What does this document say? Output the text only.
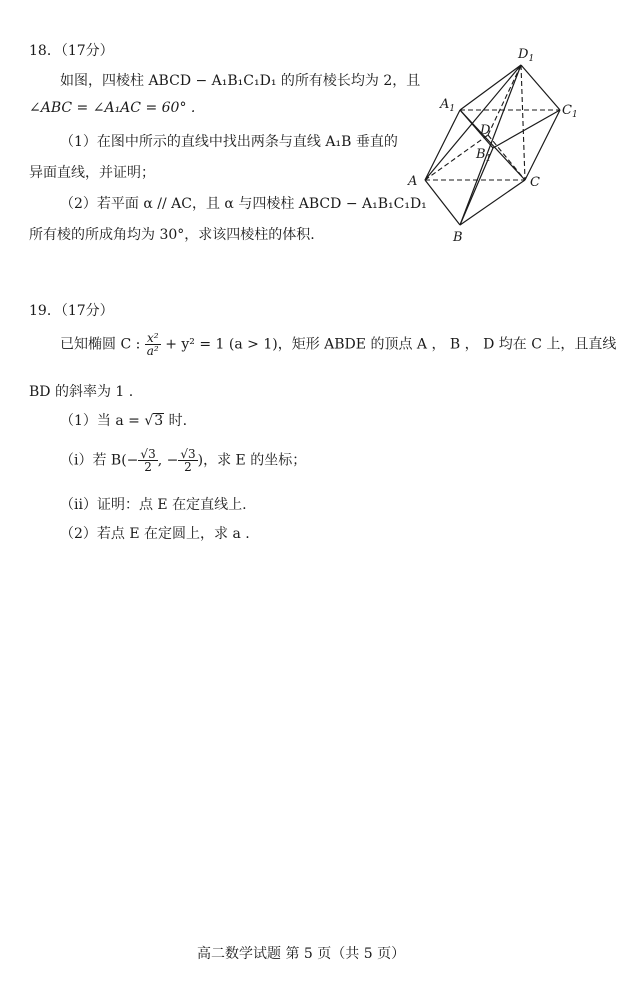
18．（17分）
如图，四棱柱 ABCD − A₁B₁C₁D₁ 的所有棱长均为 2，且
∠ABC = ∠A₁AC = 60° .
（1）在图中所示的直线中找出两条与直线 A₁B 垂直的
异面直线，并证明；
（2）若平面 α // AC，且 α 与四棱柱 ABCD − A₁B₁C₁D₁
所有棱的所成角均为 30°，求该四棱柱的体积.
$D_1$
$A_1$	$C_1$
D
$B_1$
A	C
B
19．（17分）
已知椭圆 C : $\frac{\text{x²}}{\text{a²}} + y^2 = 1$ (a > 1)，矩形 ABDE 的顶点 A ， B ， D 均在 C 上，且直线
BD 的斜率为 1 .
（1）当 a = √3 时.
（i）若 $B(- \frac{√3}{2}$ , − $\frac{√3}{2}$ )，求 E 的坐标；
（ii）证明：点 E 在定直线上.
（2）若点 E 在定圆上，求 a .
高二数学试题 第 5 页（共 5 页）
